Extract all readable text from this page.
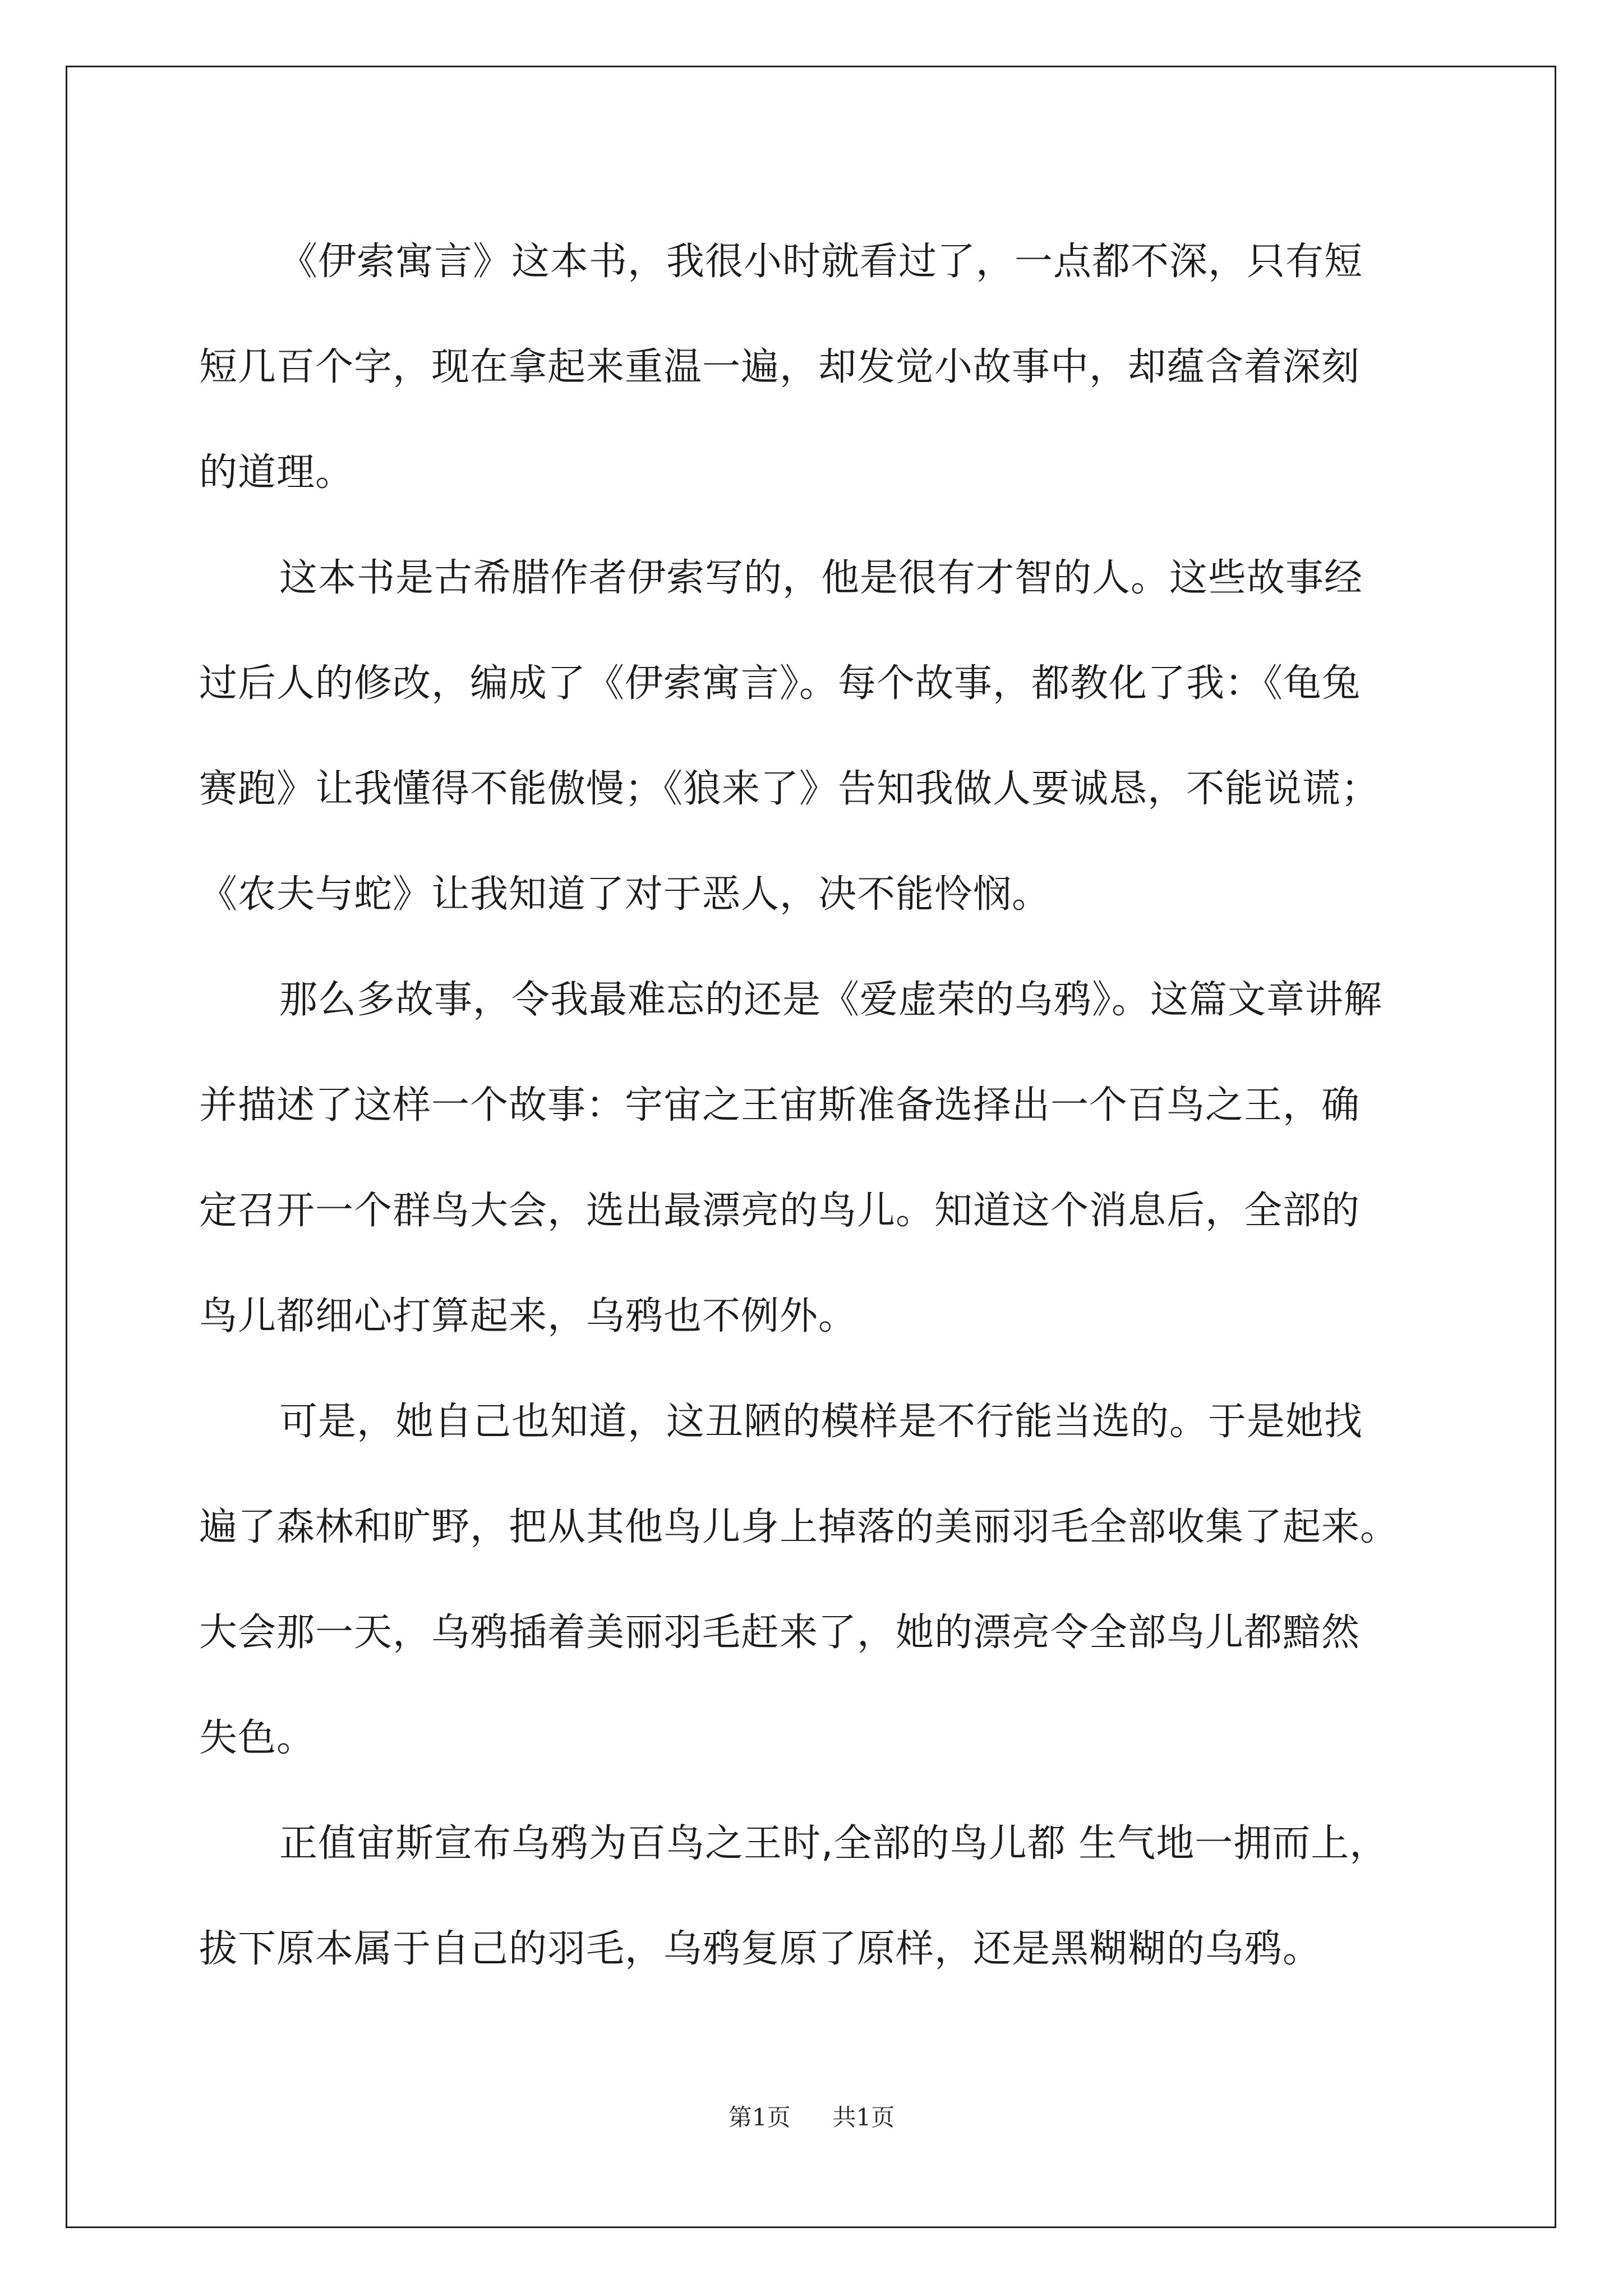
《伊索寓言》这本书，我很小时就看过了，一点都不深，只有短
短几百个字，现在拿起来重温一遍，却发觉小故事中，却蕴含着深刻
的道理。

这本书是古希腊作者伊索写的，他是很有才智的人。这些故事经
过后人的修改，编成了《伊索寓言》。每个故事，都教化了我：《龟兔
赛跑》让我懂得不能傲慢；《狼来了》告知我做人要诚恳，不能说谎；
《农夫与蛇》让我知道了对于恶人，决不能怜悯。

那么多故事，令我最难忘的还是《爱虚荣的乌鸦》。这篇文章讲解
并描述了这样一个故事：宇宙之王宙斯准备选择出一个百鸟之王，确
定召开一个群鸟大会，选出最漂亮的鸟儿。知道这个消息后，全部的
鸟儿都细心打算起来，乌鸦也不例外。

可是，她自己也知道，这丑陋的模样是不行能当选的。于是她找
遍了森林和旷野，把从其他鸟儿身上掉落的美丽羽毛全部收集了起来。
大会那一天，乌鸦插着美丽羽毛赶来了，她的漂亮令全部鸟儿都黯然
失色。

正值宙斯宣布乌鸦为百鸟之王时,全部的鸟儿都 生气地一拥而上，
拔下原本属于自己的羽毛，乌鸦复原了原样，还是黑糊糊的乌鸦。

第1页 共1页
